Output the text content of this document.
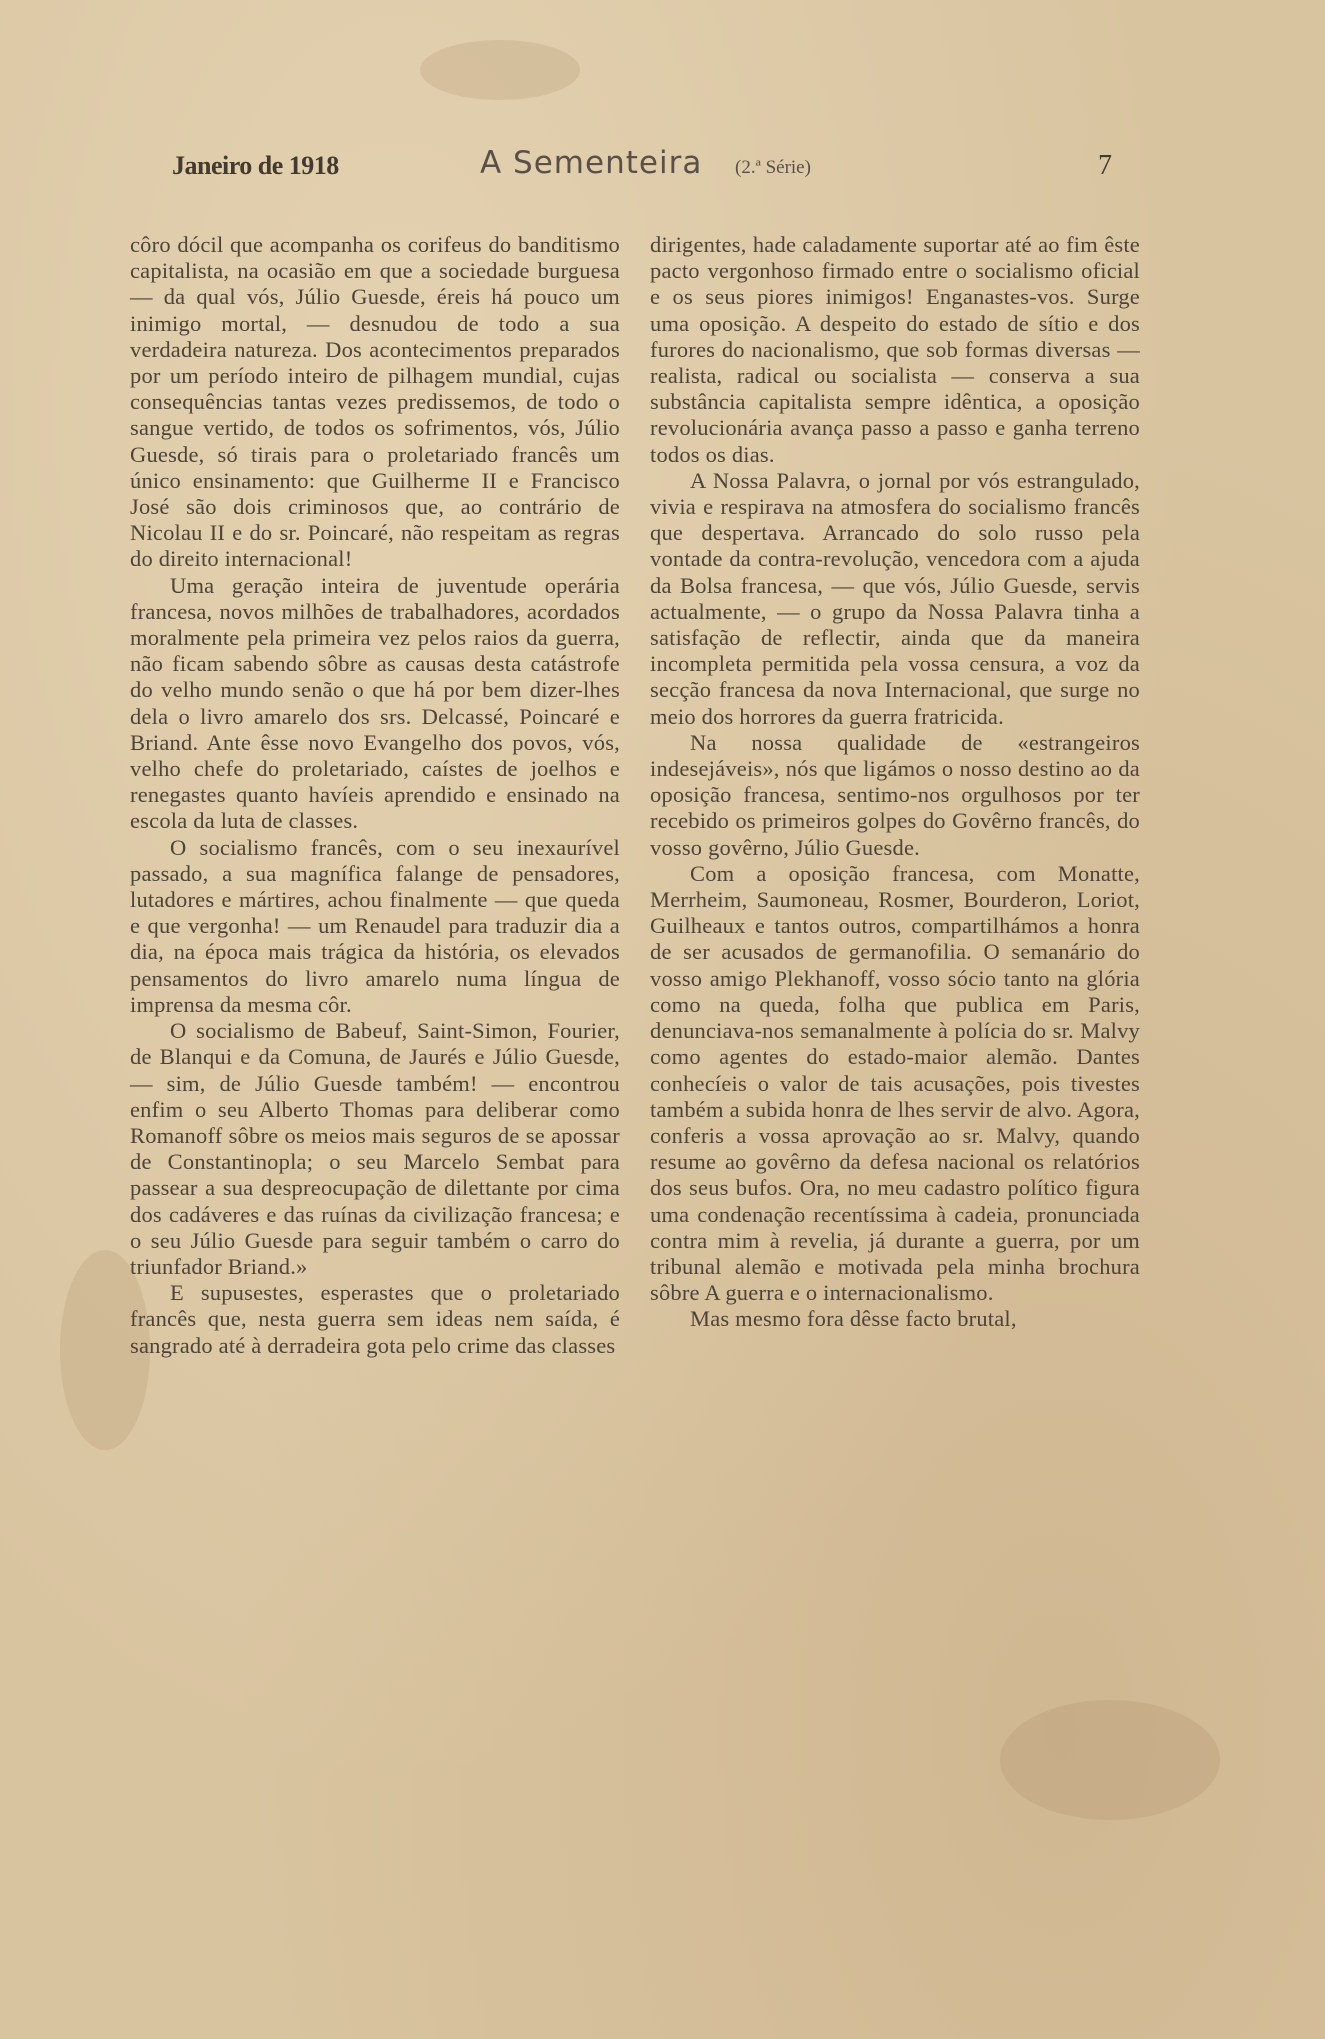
Janeiro de 1918	A Sementeira (2.ª Série)	7

côro dócil que acompanha os corifeus do banditismo capitalista, na ocasião em que a sociedade burguesa — da qual vós, Júlio Guesde, éreis há pouco um inimigo mortal, — desnudou de todo a sua verdadeira natureza. Dos acontecimentos preparados por um período inteiro de pilhagem mundial, cujas consequências tantas vezes predissemos, de todo o sangue vertido, de todos os sofrimentos, vós, Júlio Guesde, só tirais para o proletariado francês um único ensinamento: que Guilherme II e Francisco José são dois criminosos que, ao contrário de Nicolau II e do sr. Poincaré, não respeitam as regras do direito internacional!

Uma geração inteira de juventude operária francesa, novos milhões de trabalhadores, acordados moralmente pela primeira vez pelos raios da guerra, não ficam sabendo sôbre as causas desta catástrofe do velho mundo senão o que há por bem dizer-lhes dela o livro amarelo dos srs. Delcassé, Poincaré e Briand. Ante êsse novo Evangelho dos povos, vós, velho chefe do proletariado, caístes de joelhos e renegastes quanto havíeis aprendido e ensinado na escola da luta de classes.

O socialismo francês, com o seu inexaurível passado, a sua magnífica falange de pensadores, lutadores e mártires, achou finalmente — que queda e que vergonha! — um Renaudel para traduzir dia a dia, na época mais trágica da história, os elevados pensamentos do livro amarelo numa língua de imprensa da mesma côr.

O socialismo de Babeuf, Saint-Simon, Fourier, de Blanqui e da Comuna, de Jaurés e Júlio Guesde, — sim, de Júlio Guesde também! — encontrou enfim o seu Alberto Thomas para deliberar como Romanoff sôbre os meios mais seguros de se apossar de Constantinopla; o seu Marcelo Sembat para passear a sua despreocupação de dilettante por cima dos cadáveres e das ruínas da civilização francesa; e o seu Júlio Guesde para seguir também o carro do triunfador Briand.»

E supusestes, esperastes que o proletariado francês que, nesta guerra sem ideas nem saída, é sangrado até à derradeira gota pelo crime das classes

dirigentes, hade caladamente suportar até ao fim êste pacto vergonhoso firmado entre o socialismo oficial e os seus piores inimigos! Enganastes-vos. Surge uma oposição. A despeito do estado de sítio e dos furores do nacionalismo, que sob formas diversas — realista, radical ou socialista — conserva a sua substância capitalista sempre idêntica, a oposição revolucionária avança passo a passo e ganha terreno todos os dias.

A Nossa Palavra, o jornal por vós estrangulado, vivia e respirava na atmosfera do socialismo francês que despertava. Arrancado do solo russo pela vontade da contra-revolução, vencedora com a ajuda da Bolsa francesa, — que vós, Júlio Guesde, servis actualmente, — o grupo da Nossa Palavra tinha a satisfação de reflectir, ainda que da maneira incompleta permitida pela vossa censura, a voz da secção francesa da nova Internacional, que surge no meio dos horrores da guerra fratricida.

Na nossa qualidade de «estrangeiros indesejáveis», nós que ligámos o nosso destino ao da oposição francesa, sentimo-nos orgulhosos por ter recebido os primeiros golpes do Govêrno francês, do vosso govêrno, Júlio Guesde.

Com a oposição francesa, com Monatte, Merrheim, Saumoneau, Rosmer, Bourderon, Loriot, Guilheaux e tantos outros, compartilhámos a honra de ser acusados de germanofilia. O semanário do vosso amigo Plekhanoff, vosso sócio tanto na glória como na queda, folha que publica em Paris, denunciava-nos semanalmente à polícia do sr. Malvy como agentes do estado-maior alemão. Dantes conhecíeis o valor de tais acusações, pois tivestes também a subida honra de lhes servir de alvo. Agora, conferis a vossa aprovação ao sr. Malvy, quando resume ao govêrno da defesa nacional os relatórios dos seus bufos. Ora, no meu cadastro político figura uma condenação recentíssima à cadeia, pronunciada contra mim à revelia, já durante a guerra, por um tribunal alemão e motivada pela minha brochura sôbre A guerra e o internacionalismo.

Mas mesmo fora dêsse facto brutal,
